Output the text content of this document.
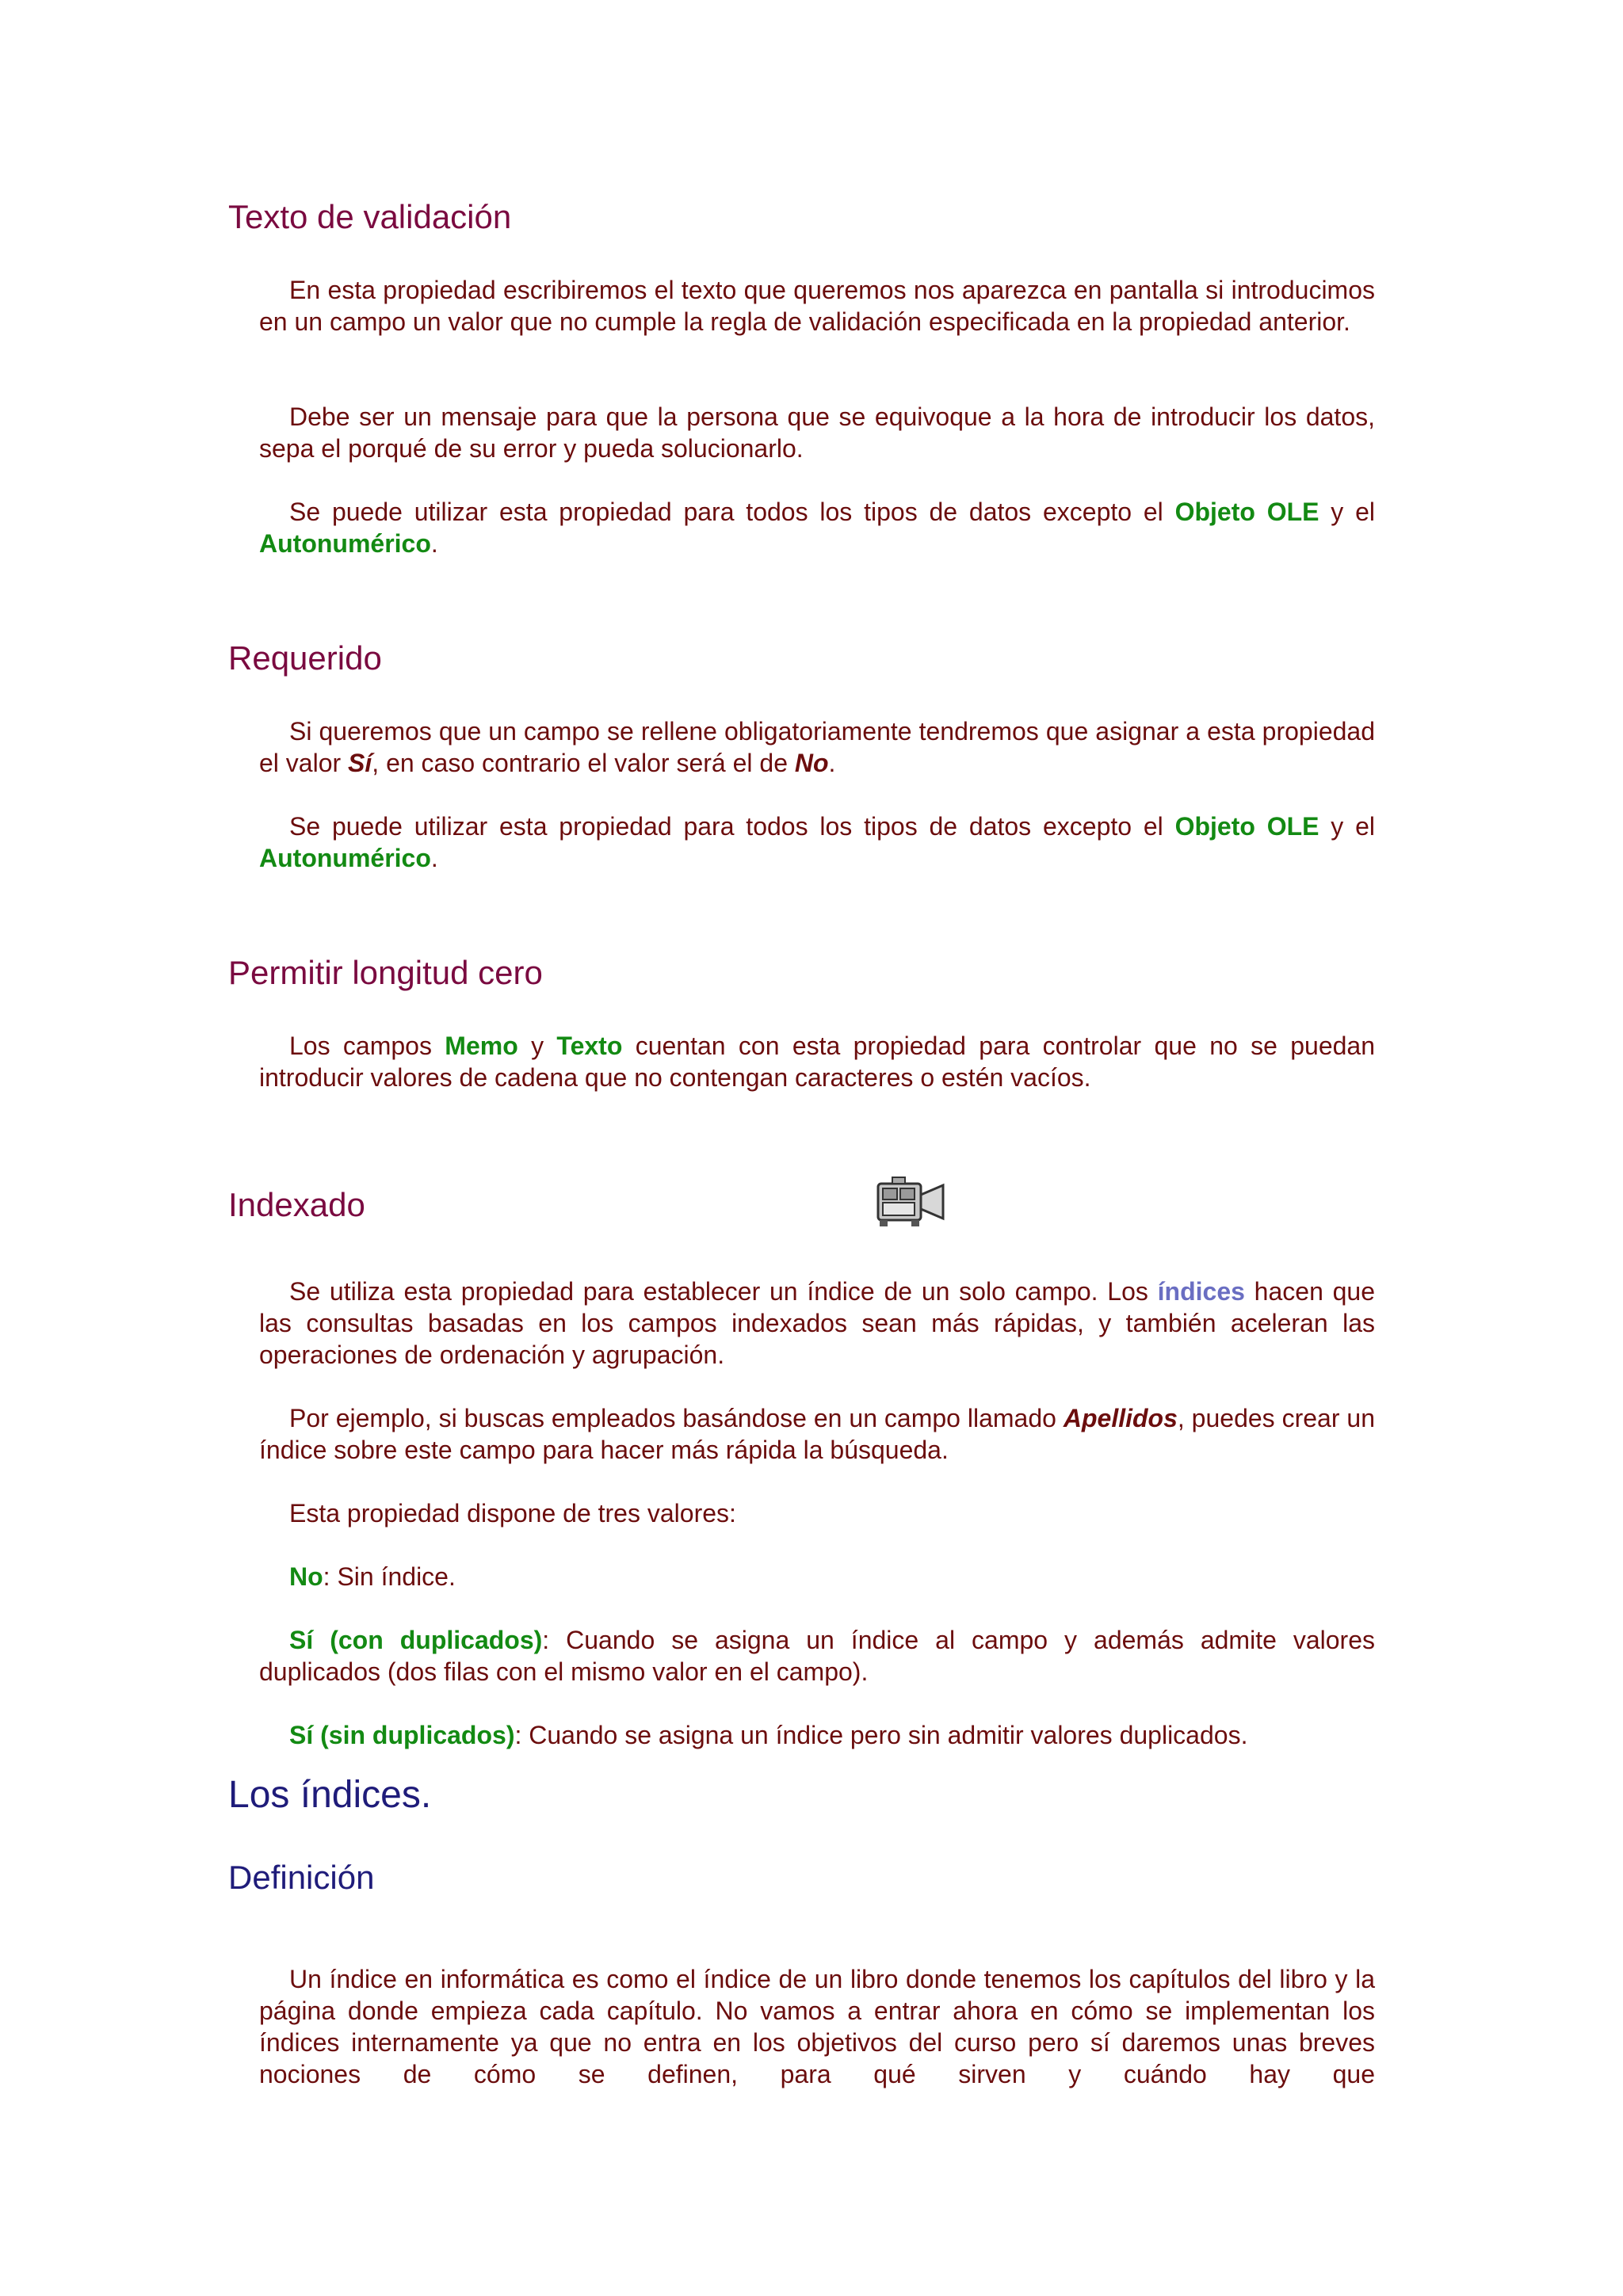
Texto de validación

En esta propiedad escribiremos el texto que queremos nos aparezca en pantalla si introducimos en un campo un valor que no cumple la regla de validación especificada en la propiedad anterior.

Debe ser un mensaje para que la persona que se equivoque a la hora de introducir los datos, sepa el porqué de su error y pueda solucionarlo.

Se puede utilizar esta propiedad para todos los tipos de datos excepto el Objeto OLE y el Autonumérico.

Requerido

Si queremos que un campo se rellene obligatoriamente tendremos que asignar a esta propiedad el valor Sí, en caso contrario el valor será el de No.

Se puede utilizar esta propiedad para todos los tipos de datos excepto el Objeto OLE y el Autonumérico.

Permitir longitud cero

Los campos Memo y Texto cuentan con esta propiedad para controlar que no se puedan introducir valores de cadena que no contengan caracteres o estén vacíos.

Indexado

Se utiliza esta propiedad para establecer un índice de un solo campo. Los índices hacen que las consultas basadas en los campos indexados sean más rápidas, y también aceleran las operaciones de ordenación y agrupación.

Por ejemplo, si buscas empleados basándose en un campo llamado Apellidos, puedes crear un índice sobre este campo para hacer más rápida la búsqueda.

Esta propiedad dispone de tres valores:

No: Sin índice.

Sí (con duplicados): Cuando se asigna un índice al campo y además admite valores duplicados (dos filas con el mismo valor en el campo).

Sí (sin duplicados): Cuando se asigna un índice pero sin admitir valores duplicados.

Los índices.
Definición

Un índice en informática es como el índice de un libro donde tenemos los capítulos del libro y la página donde empieza cada capítulo. No vamos a entrar ahora en cómo se implementan los índices internamente ya que no entra en los objetivos del curso pero sí daremos unas breves nociones de cómo se definen, para qué sirven y cuándo hay que
